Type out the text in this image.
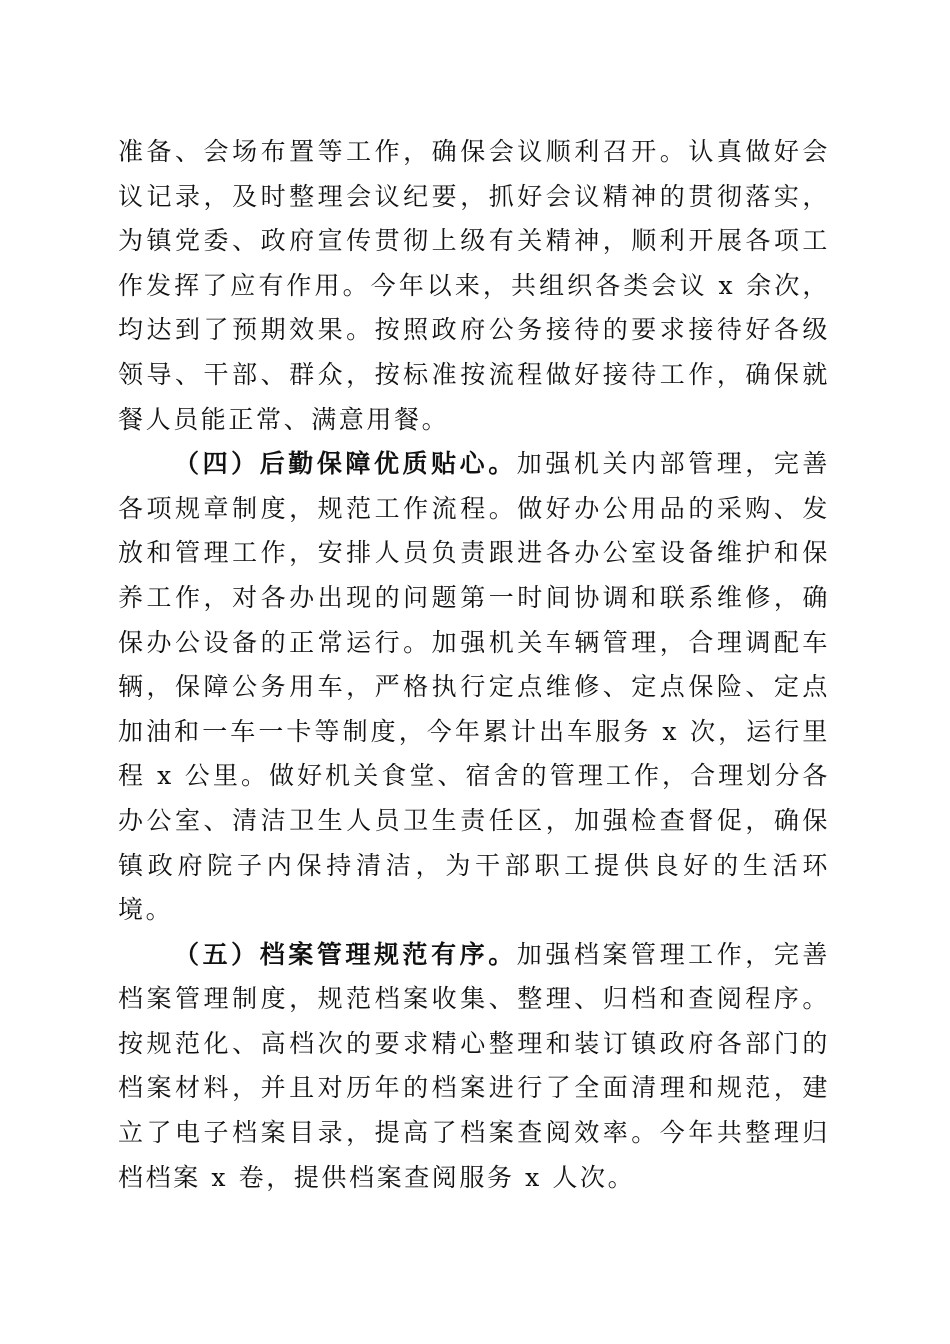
准备、会场布置等工作，确保会议顺利召开。认真做好会议记录，及时整理会议纪要，抓好会议精神的贯彻落实，为镇党委、政府宣传贯彻上级有关精神，顺利开展各项工作发挥了应有作用。今年以来，共组织各类会议 x 余次，均达到了预期效果。按照政府公务接待的要求接待好各级领导、干部、群众，按标准按流程做好接待工作，确保就餐人员能正常、满意用餐。

（四）后勤保障优质贴心。加强机关内部管理，完善各项规章制度，规范工作流程。做好办公用品的采购、发放和管理工作，安排人员负责跟进各办公室设备维护和保养工作，对各办出现的问题第一时间协调和联系维修，确保办公设备的正常运行。加强机关车辆管理，合理调配车辆，保障公务用车，严格执行定点维修、定点保险、定点加油和一车一卡等制度，今年累计出车服务 x 次，运行里程 x 公里。做好机关食堂、宿舍的管理工作，合理划分各办公室、清洁卫生人员卫生责任区，加强检查督促，确保镇政府院子内保持清洁，为干部职工提供良好的生活环境。

（五）档案管理规范有序。加强档案管理工作，完善档案管理制度，规范档案收集、整理、归档和查阅程序。按规范化、高档次的要求精心整理和装订镇政府各部门的档案材料，并且对历年的档案进行了全面清理和规范，建立了电子档案目录，提高了档案查阅效率。今年共整理归档档案 x 卷，提供档案查阅服务 x 人次。
